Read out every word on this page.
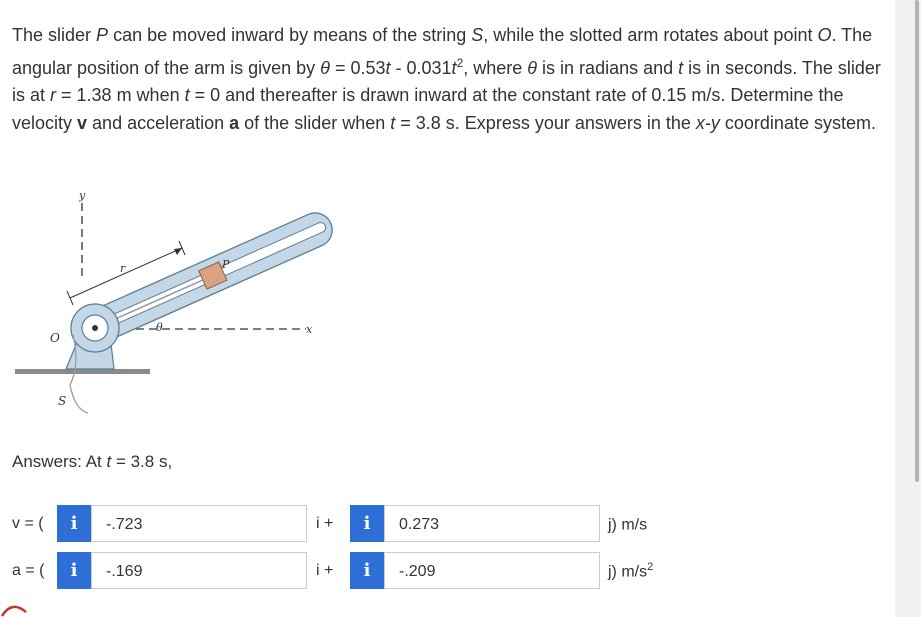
The slider P can be moved inward by means of the string S, while the slotted arm rotates about point O. The angular position of the arm is given by $\theta = 0.53t - 0.031t^2$, where θ is in radians and t is in seconds. The slider is at r = 1.38 m when t = 0 and thereafter is drawn inward at the constant rate of 0.15 m/s. Determine the velocity v and acceleration a of the slider when t = 3.8 s. Express your answers in the x-y coordinate system.
y
x
r	P
θ
O
S
Answers: At t = 3.8 s,
v = (	i	-.723	i +	i	0.273	j) m/s
a = (	i	-.169	i +	i	-.209	j) $m/s^2$
